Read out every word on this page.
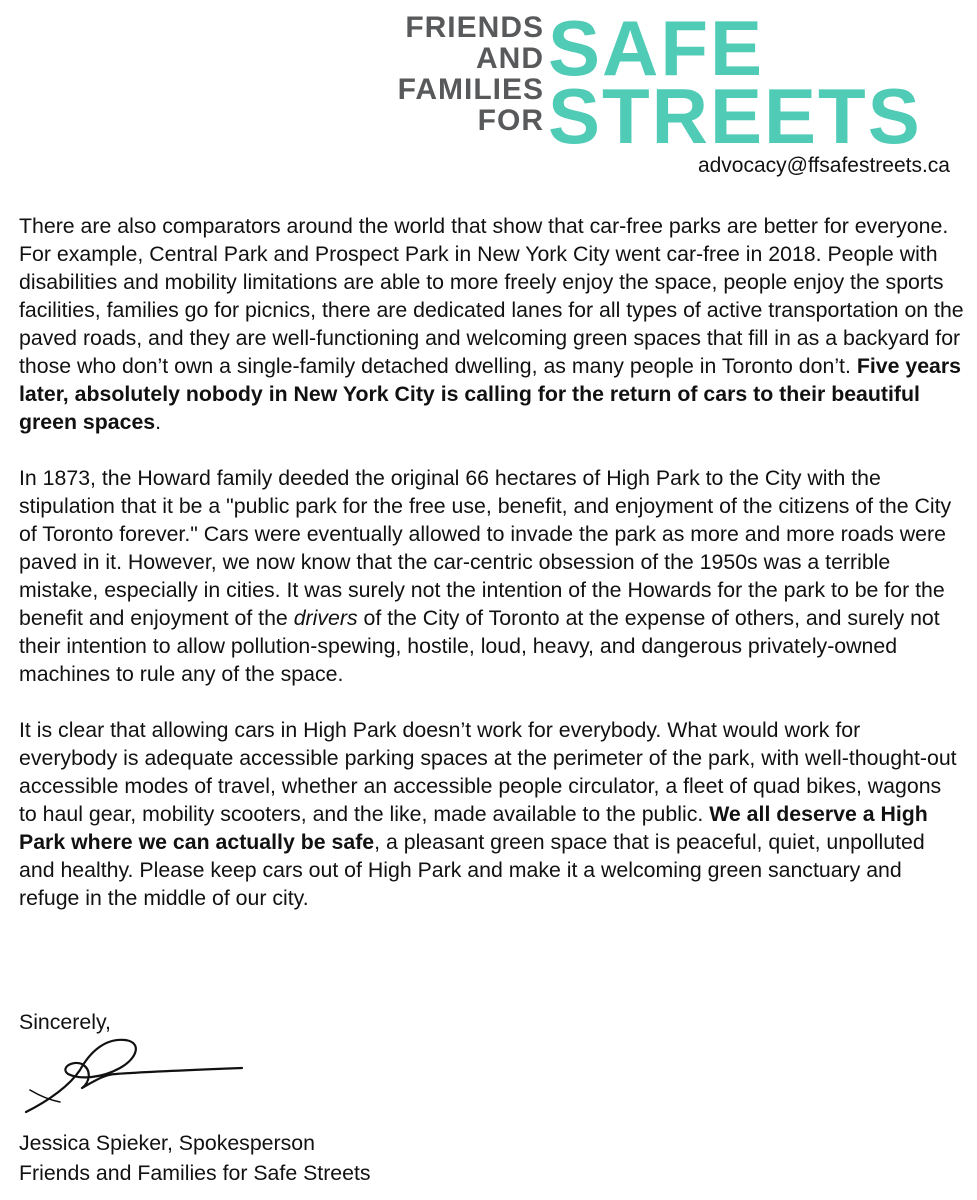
FRIENDS
AND
FAMILIES
FOR
SAFE
STREETS
advocacy@ffsafestreets.ca

There are also comparators around the world that show that car-free parks are better for everyone. For example, Central Park and Prospect Park in New York City went car-free in 2018. People with disabilities and mobility limitations are able to more freely enjoy the space, people enjoy the sports facilities, families go for picnics, there are dedicated lanes for all types of active transportation on the paved roads, and they are well-functioning and welcoming green spaces that fill in as a backyard for those who don’t own a single-family detached dwelling, as many people in Toronto don’t. Five years later, absolutely nobody in New York City is calling for the return of cars to their beautiful green spaces.

In 1873, the Howard family deeded the original 66 hectares of High Park to the City with the stipulation that it be a "public park for the free use, benefit, and enjoyment of the citizens of the City of Toronto forever." Cars were eventually allowed to invade the park as more and more roads were paved in it. However, we now know that the car-centric obsession of the 1950s was a terrible mistake, especially in cities. It was surely not the intention of the Howards for the park to be for the benefit and enjoyment of the drivers of the City of Toronto at the expense of others, and surely not their intention to allow pollution-spewing, hostile, loud, heavy, and dangerous privately-owned machines to rule any of the space.

It is clear that allowing cars in High Park doesn’t work for everybody. What would work for everybody is adequate accessible parking spaces at the perimeter of the park, with well-thought-out accessible modes of travel, whether an accessible people circulator, a fleet of quad bikes, wagons to haul gear, mobility scooters, and the like, made available to the public. We all deserve a High Park where we can actually be safe, a pleasant green space that is peaceful, quiet, unpolluted and healthy. Please keep cars out of High Park and make it a welcoming green sanctuary and refuge in the middle of our city.

Sincerely,
Jessica Spieker, Spokesperson
Friends and Families for Safe Streets
